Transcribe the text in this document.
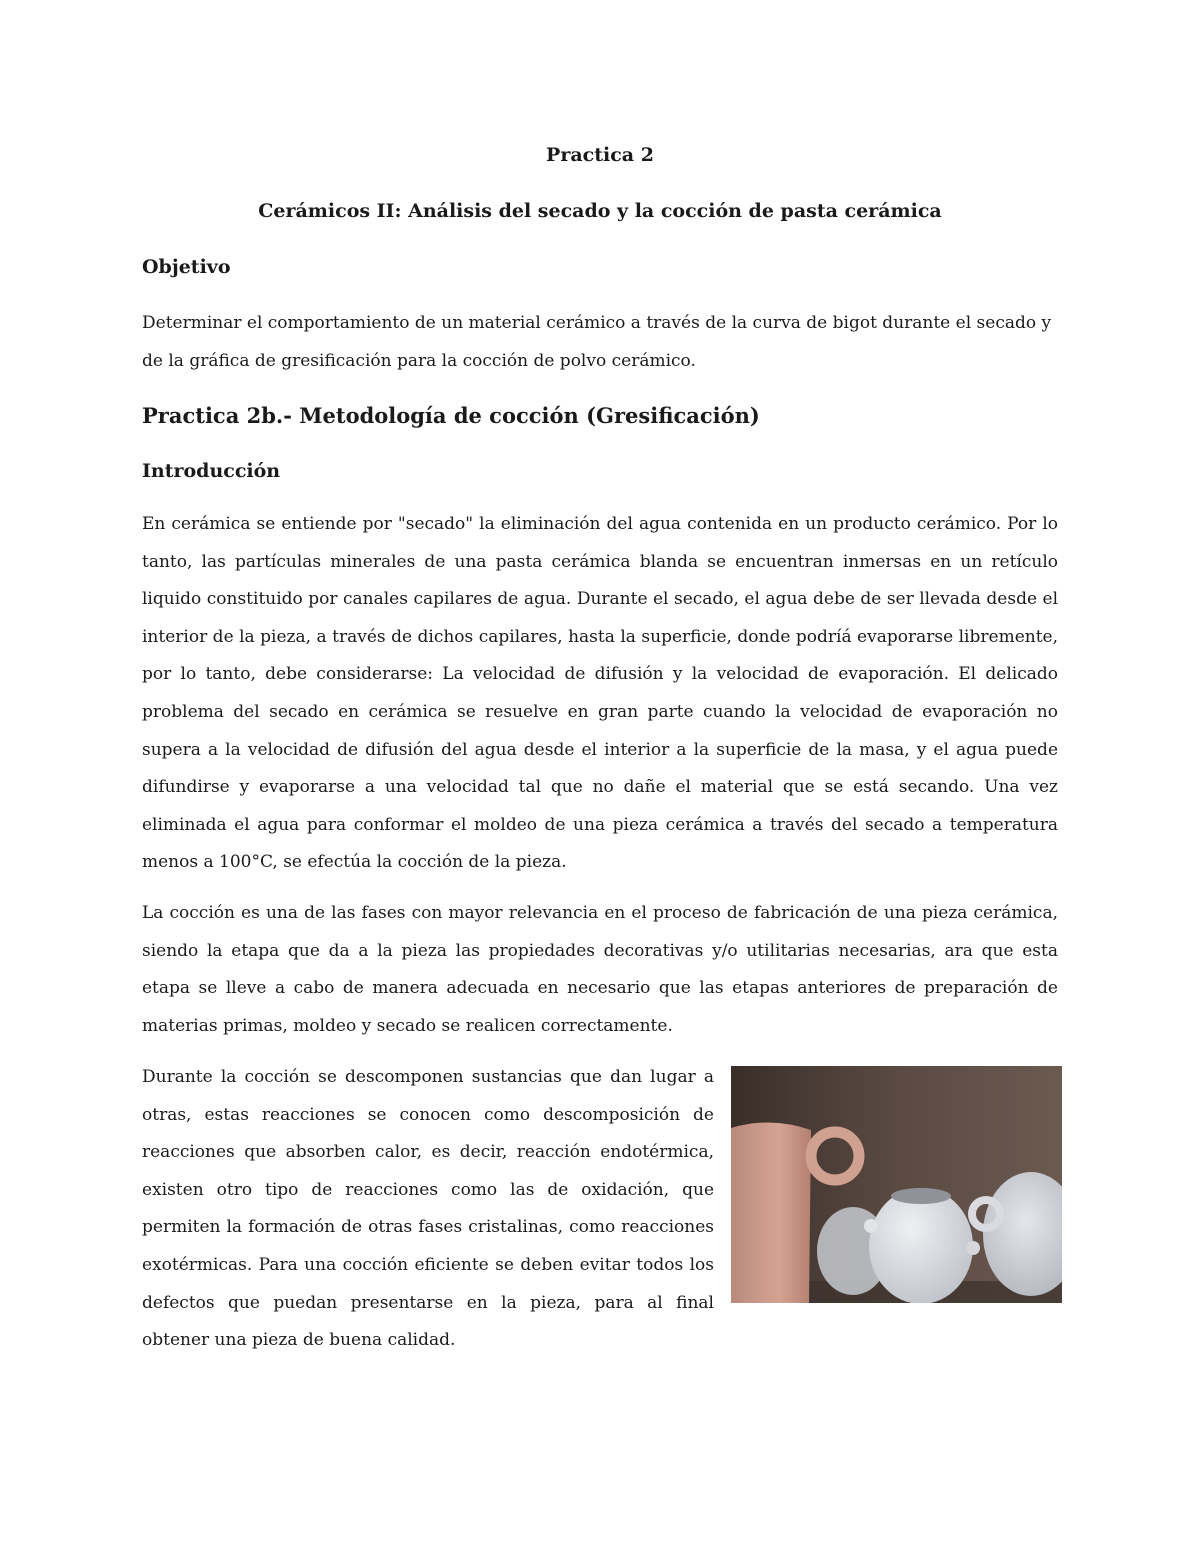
Practica 2
Cerámicos II: Análisis del secado y la cocción de pasta cerámica
Objetivo

Determinar el comportamiento de un material cerámico a través de la curva de bigot durante el secado y de la gráfica de gresificación para la cocción de polvo cerámico.

Practica 2b.- Metodología de cocción (Gresificación)
Introducción

En cerámica se entiende por "secado" la eliminación del agua contenida en un producto cerámico. Por lo tanto, las partículas minerales de una pasta cerámica blanda se encuentran inmersas en un retículo liquido constituido por canales capilares de agua. Durante el secado, el agua debe de ser llevada desde el interior de la pieza, a través de dichos capilares, hasta la superficie, donde podríá evaporarse libremente, por lo tanto, debe considerarse: La velocidad de difusión y la velocidad de evaporación. El delicado problema del secado en cerámica se resuelve en gran parte cuando la velocidad de evaporación no supera a la velocidad de difusión del agua desde el interior a la superficie de la masa, y el agua puede difundirse y evaporarse a una velocidad tal que no dañe el material que se está secando. Una vez eliminada el agua para conformar el moldeo de una pieza cerámica a través del secado a temperatura menos a 100°C, se efectúa la cocción de la pieza.

La cocción es una de las fases con mayor relevancia en el proceso de fabricación de una pieza cerámica, siendo la etapa que da a la pieza las propiedades decorativas y/o utilitarias necesarias, ara que esta etapa se lleve a cabo de manera adecuada en necesario que las etapas anteriores de preparación de materias primas, moldeo y secado se realicen correctamente.

Durante la cocción se descomponen sustancias que dan lugar a otras, estas reacciones se conocen como descomposición de reacciones que absorben calor, es decir, reacción endotérmica, existen otro tipo de reacciones como las de oxidación, que permiten la formación de otras fases cristalinas, como reacciones exotérmicas. Para una cocción eficiente se deben evitar todos los defectos que puedan presentarse en la pieza, para al final obtener una pieza de buena calidad.
